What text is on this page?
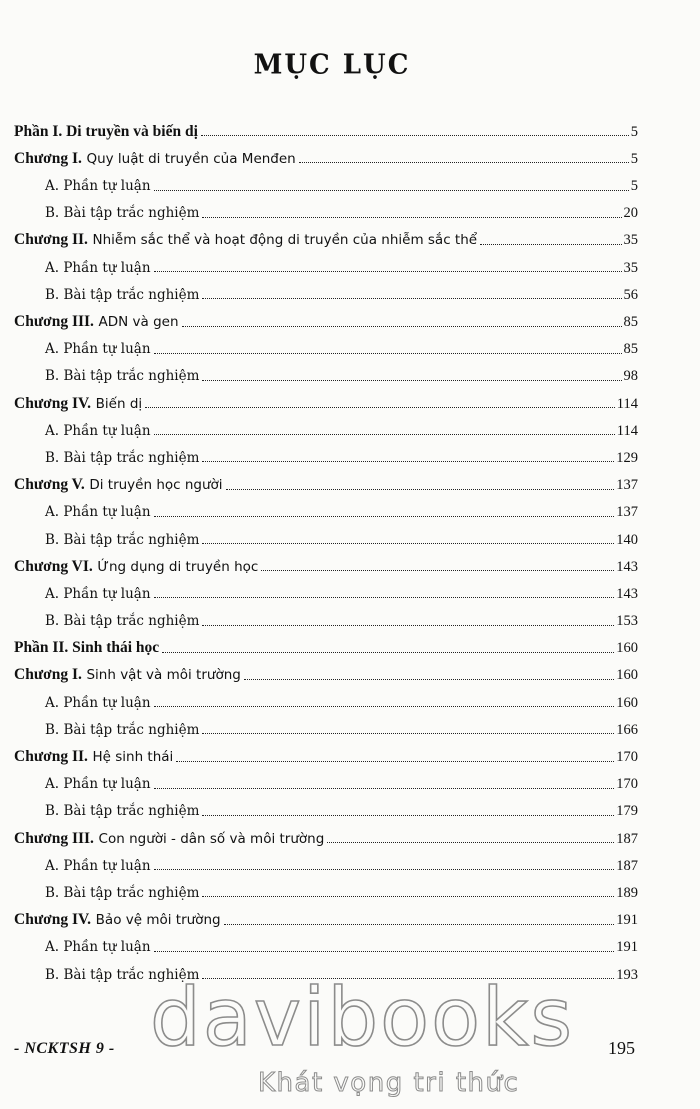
MỤC LỤC
Phần I. Di truyền và biến dị	5
Chương I. Quy luật di truyền của Menđen	5
A. Phần tự luận	5
B. Bài tập trắc nghiệm	20
Chương II. Nhiễm sắc thể và hoạt động di truyền của nhiễm sắc thể	35
A. Phần tự luận	35
B. Bài tập trắc nghiệm	56
Chương III. ADN và gen	85
A. Phần tự luận	85
B. Bài tập trắc nghiệm	98
Chương IV. Biến dị	114
A. Phần tự luận	114
B. Bài tập trắc nghiệm	129
Chương V. Di truyền học người	137
A. Phần tự luận	137
B. Bài tập trắc nghiệm	140
Chương VI. Ứng dụng di truyền học	143
A. Phần tự luận	143
B. Bài tập trắc nghiệm	153
Phần II. Sinh thái học	160
Chương I. Sinh vật và môi trường	160
A. Phần tự luận	160
B. Bài tập trắc nghiệm	166
Chương II. Hệ sinh thái	170
A. Phần tự luận	170
B. Bài tập trắc nghiệm	179
Chương III. Con người - dân số và môi trường	187
A. Phần tự luận	187
B. Bài tập trắc nghiệm	189
Chương IV. Bảo vệ môi trường	191
A. Phần tự luận	191
B. Bài tập trắc nghiệm	193
davibooks
Khát vọng tri thức
- NCKTSH 9 -	195
